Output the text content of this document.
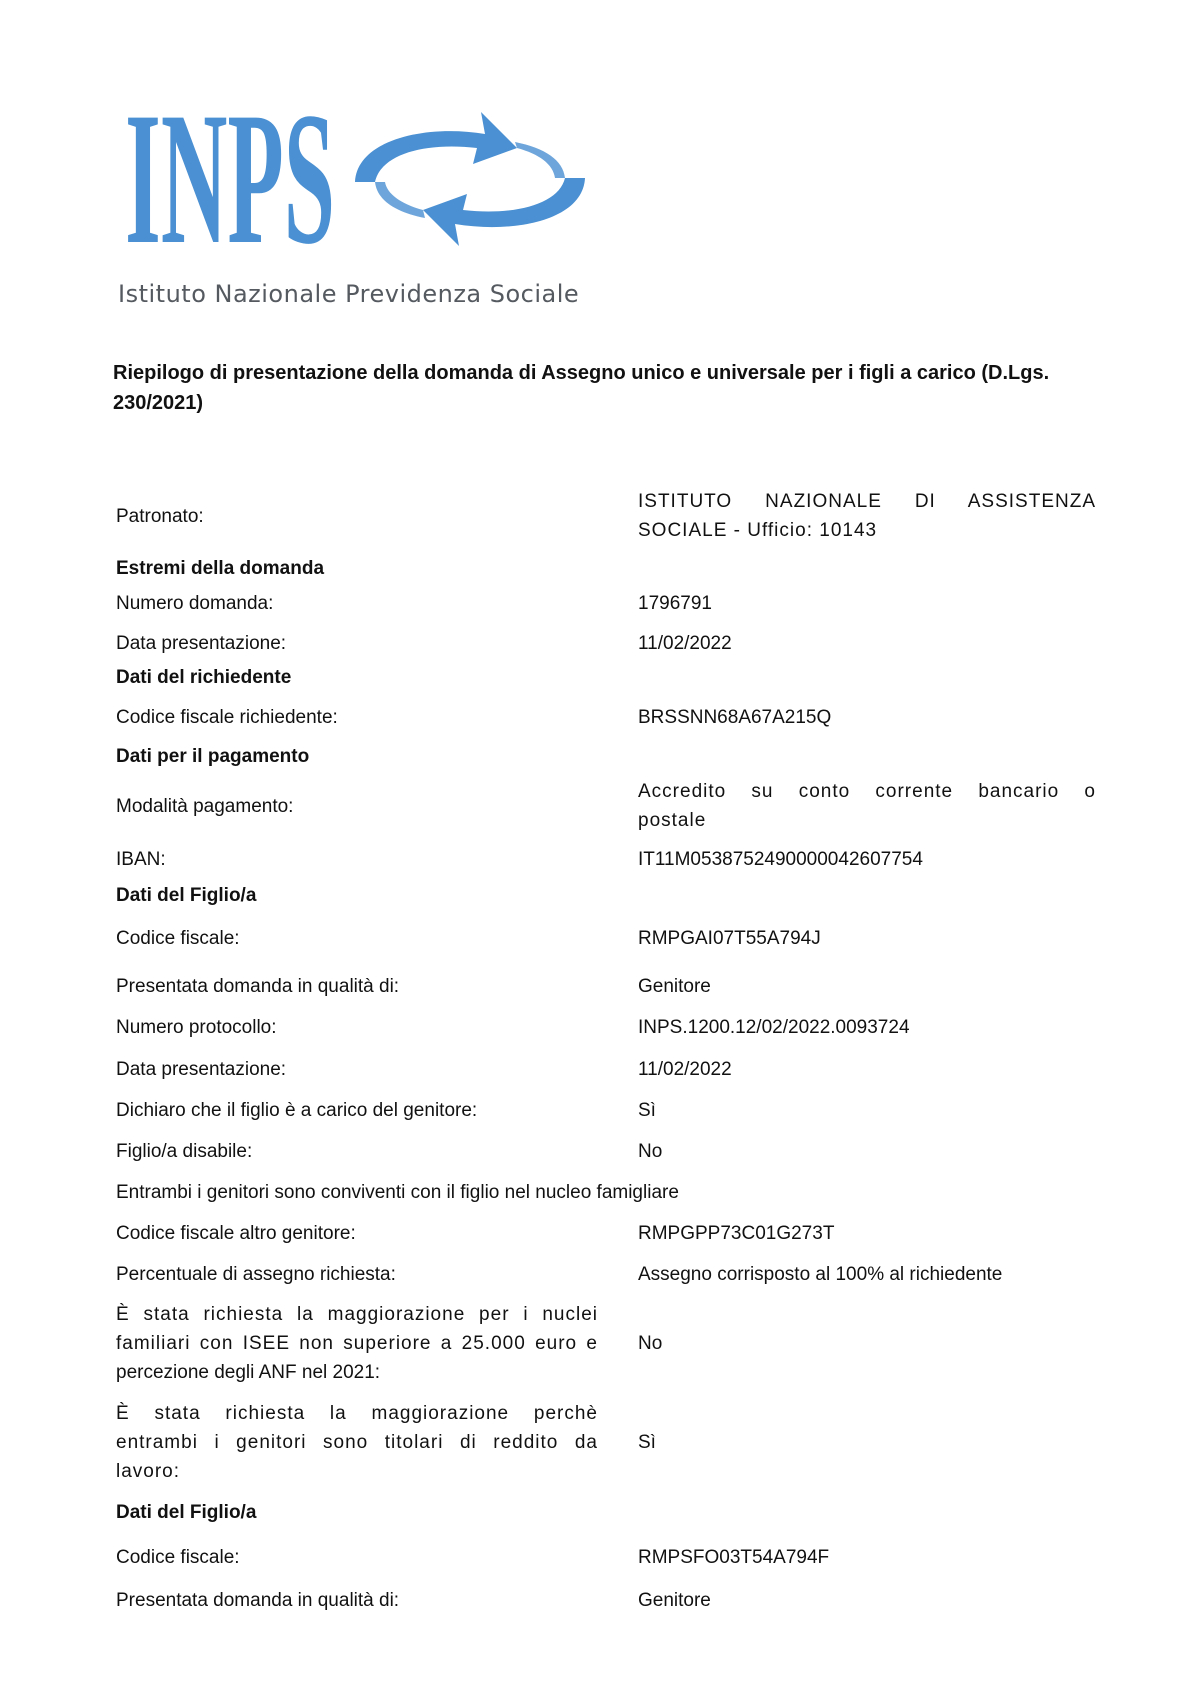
INPS
Istituto Nazionale Previdenza Sociale
Riepilogo di presentazione della domanda di Assegno unico e universale per i figli a carico (D.Lgs. 230/2021)
Patronato:
ISTITUTO NAZIONALE DI ASSISTENZA
SOCIALE - Ufficio: 10143
Estremi della domanda
Numero domanda:	1796791
Data presentazione:	11/02/2022
Dati del richiedente
Codice fiscale richiedente:	BRSSNN68A67A215Q
Dati per il pagamento
Modalità pagamento:
Accredito su conto corrente bancario o
postale
IBAN:	IT11M0538752490000042607754
Dati del Figlio/a
Codice fiscale:	RMPGAI07T55A794J
Presentata domanda in qualità di:	Genitore
Numero protocollo:	INPS.1200.12/02/2022.0093724
Data presentazione:	11/02/2022
Dichiaro che il figlio è a carico del genitore:	Sì
Figlio/a disabile:	No
Entrambi i genitori sono conviventi con il figlio nel nucleo famigliare
Codice fiscale altro genitore:	RMPGPP73C01G273T
Percentuale di assegno richiesta:	Assegno corrisposto al 100% al richiedente
È stata richiesta la maggiorazione per i nuclei
familiari con ISEE non superiore a 25.000 euro e
percezione degli ANF nel 2021:
No
È stata richiesta la maggiorazione perchè
entrambi i genitori sono titolari di reddito da
lavoro:
Sì
Dati del Figlio/a
Codice fiscale:	RMPSFO03T54A794F
Presentata domanda in qualità di:	Genitore
